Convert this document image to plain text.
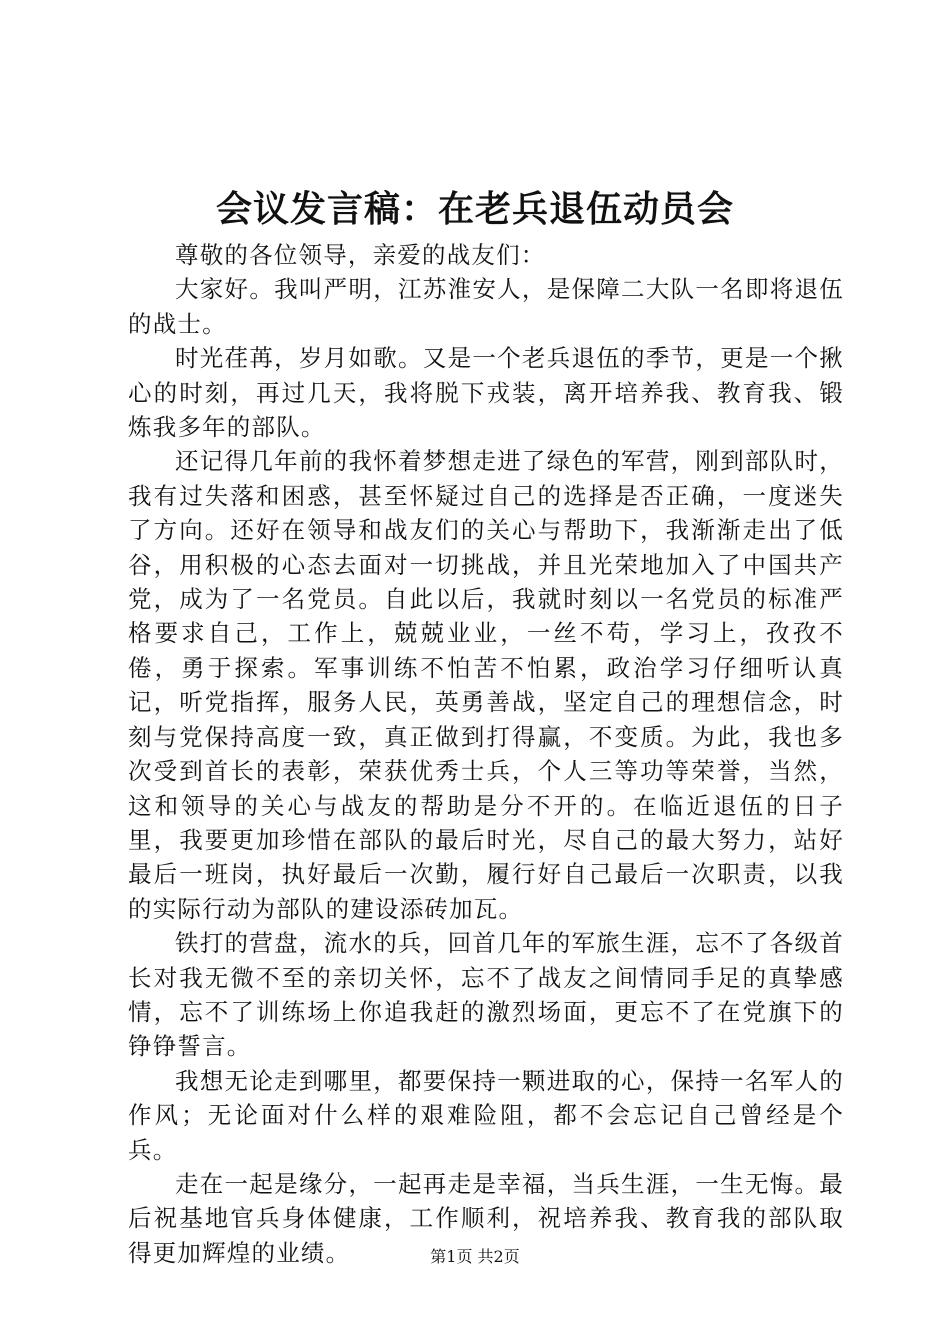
会议发言稿：在老兵退伍动员会

尊敬的各位领导，亲爱的战友们：

大家好。我叫严明，江苏淮安人，是保障二大队一名即将退伍的战士。

时光荏苒，岁月如歌。又是一个老兵退伍的季节，更是一个揪心的时刻，再过几天，我将脱下戎装，离开培养我、教育我、锻炼我多年的部队。

还记得几年前的我怀着梦想走进了绿色的军营，刚到部队时，我有过失落和困惑，甚至怀疑过自己的选择是否正确，一度迷失了方向。还好在领导和战友们的关心与帮助下，我渐渐走出了低谷，用积极的心态去面对一切挑战，并且光荣地加入了中国共产党，成为了一名党员。自此以后，我就时刻以一名党员的标准严格要求自己，工作上，兢兢业业，一丝不苟，学习上，孜孜不倦，勇于探索。军事训练不怕苦不怕累，政治学习仔细听认真记，听党指挥，服务人民，英勇善战，坚定自己的理想信念，时刻与党保持高度一致，真正做到打得赢，不变质。为此，我也多次受到首长的表彰，荣获优秀士兵，个人三等功等荣誉，当然，这和领导的关心与战友的帮助是分不开的。在临近退伍的日子里，我要更加珍惜在部队的最后时光，尽自己的最大努力，站好最后一班岗，执好最后一次勤，履行好自己最后一次职责，以我的实际行动为部队的建设添砖加瓦。

铁打的营盘，流水的兵，回首几年的军旅生涯，忘不了各级首长对我无微不至的亲切关怀，忘不了战友之间情同手足的真挚感情，忘不了训练场上你追我赶的激烈场面，更忘不了在党旗下的铮铮誓言。

我想无论走到哪里，都要保持一颗进取的心，保持一名军人的作风；无论面对什么样的艰难险阻，都不会忘记自己曾经是个兵。

走在一起是缘分，一起再走是幸福，当兵生涯，一生无悔。最后祝基地官兵身体健康，工作顺利，祝培养我、教育我的部队取得更加辉煌的业绩。	第1页 共2页
